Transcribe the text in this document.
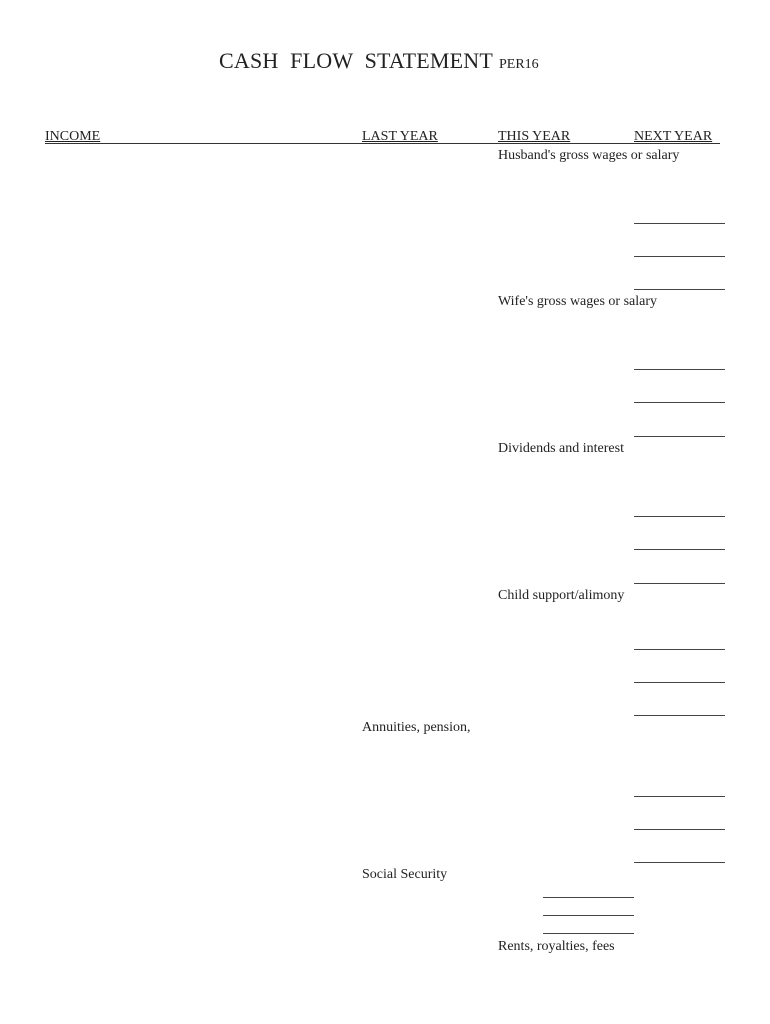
CASH FLOW STATEMENT PER16
INCOME	LAST YEAR	THIS YEAR	NEXT YEAR
Husband's gross wages or salary
Wife's gross wages or salary
Dividends and interest
Child support/alimony
Annuities, pension,
Social Security
Rents, royalties, fees
